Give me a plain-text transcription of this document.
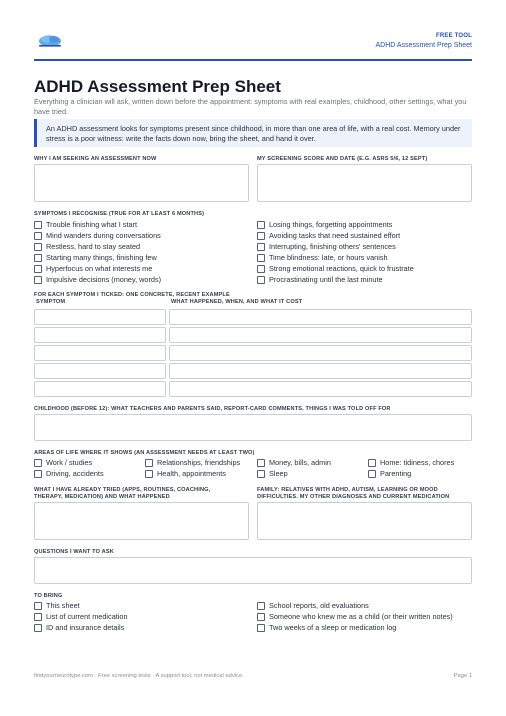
FREE TOOL
ADHD Assessment Prep Sheet
ADHD Assessment Prep Sheet
Everything a clinician will ask, written down before the appointment: symptoms with real examples, childhood, other settings, what you have tried.
An ADHD assessment looks for symptoms present since childhood, in more than one area of life, with a real cost. Memory under stress is a poor witness: write the facts down now, bring the sheet, and hand it over.
WHY I AM SEEKING AN ASSESSMENT NOW	MY SCREENING SCORE AND DATE (E.G. ASRS 5/6, 12 SEPT)
SYMPTOMS I RECOGNISE (TRUE FOR AT LEAST 6 MONTHS)
Trouble finishing what I start
Mind wanders during conversations
Restless, hard to stay seated
Starting many things, finishing few
Hyperfocus on what interests me
Impulsive decisions (money, words)
Losing things, forgetting appointments
Avoiding tasks that need sustained effort
Interrupting, finishing others' sentences
Time blindness: late, or hours vanish
Strong emotional reactions, quick to frustrate
Procrastinating until the last minute
FOR EACH SYMPTOM I TICKED: ONE CONCRETE, RECENT EXAMPLE
SYMPTOM	WHAT HAPPENED, WHEN, AND WHAT IT COST
CHILDHOOD (BEFORE 12): WHAT TEACHERS AND PARENTS SAID, REPORT-CARD COMMENTS, THINGS I WAS TOLD OFF FOR
AREAS OF LIFE WHERE IT SHOWS (AN ASSESSMENT NEEDS AT LEAST TWO)
Work / studies	Relationships, friendships	Money, bills, admin	Home: tidiness, chores
Driving, accidents	Health, appointments	Sleep	Parenting
WHAT I HAVE ALREADY TRIED (APPS, ROUTINES, COACHING, THERAPY, MEDICATION) AND WHAT HAPPENED
FAMILY: RELATIVES WITH ADHD, AUTISM, LEARNING OR MOOD DIFFICULTIES. MY OTHER DIAGNOSES AND CURRENT MEDICATION
QUESTIONS I WANT TO ASK
TO BRING
This sheet
List of current medication
ID and insurance details
School reports, old evaluations
Someone who knew me as a child (or their written notes)
Two weeks of a sleep or medication log
findyourneurotype.com · Free screening tests · A support tool, not medical advice.	Page 1
